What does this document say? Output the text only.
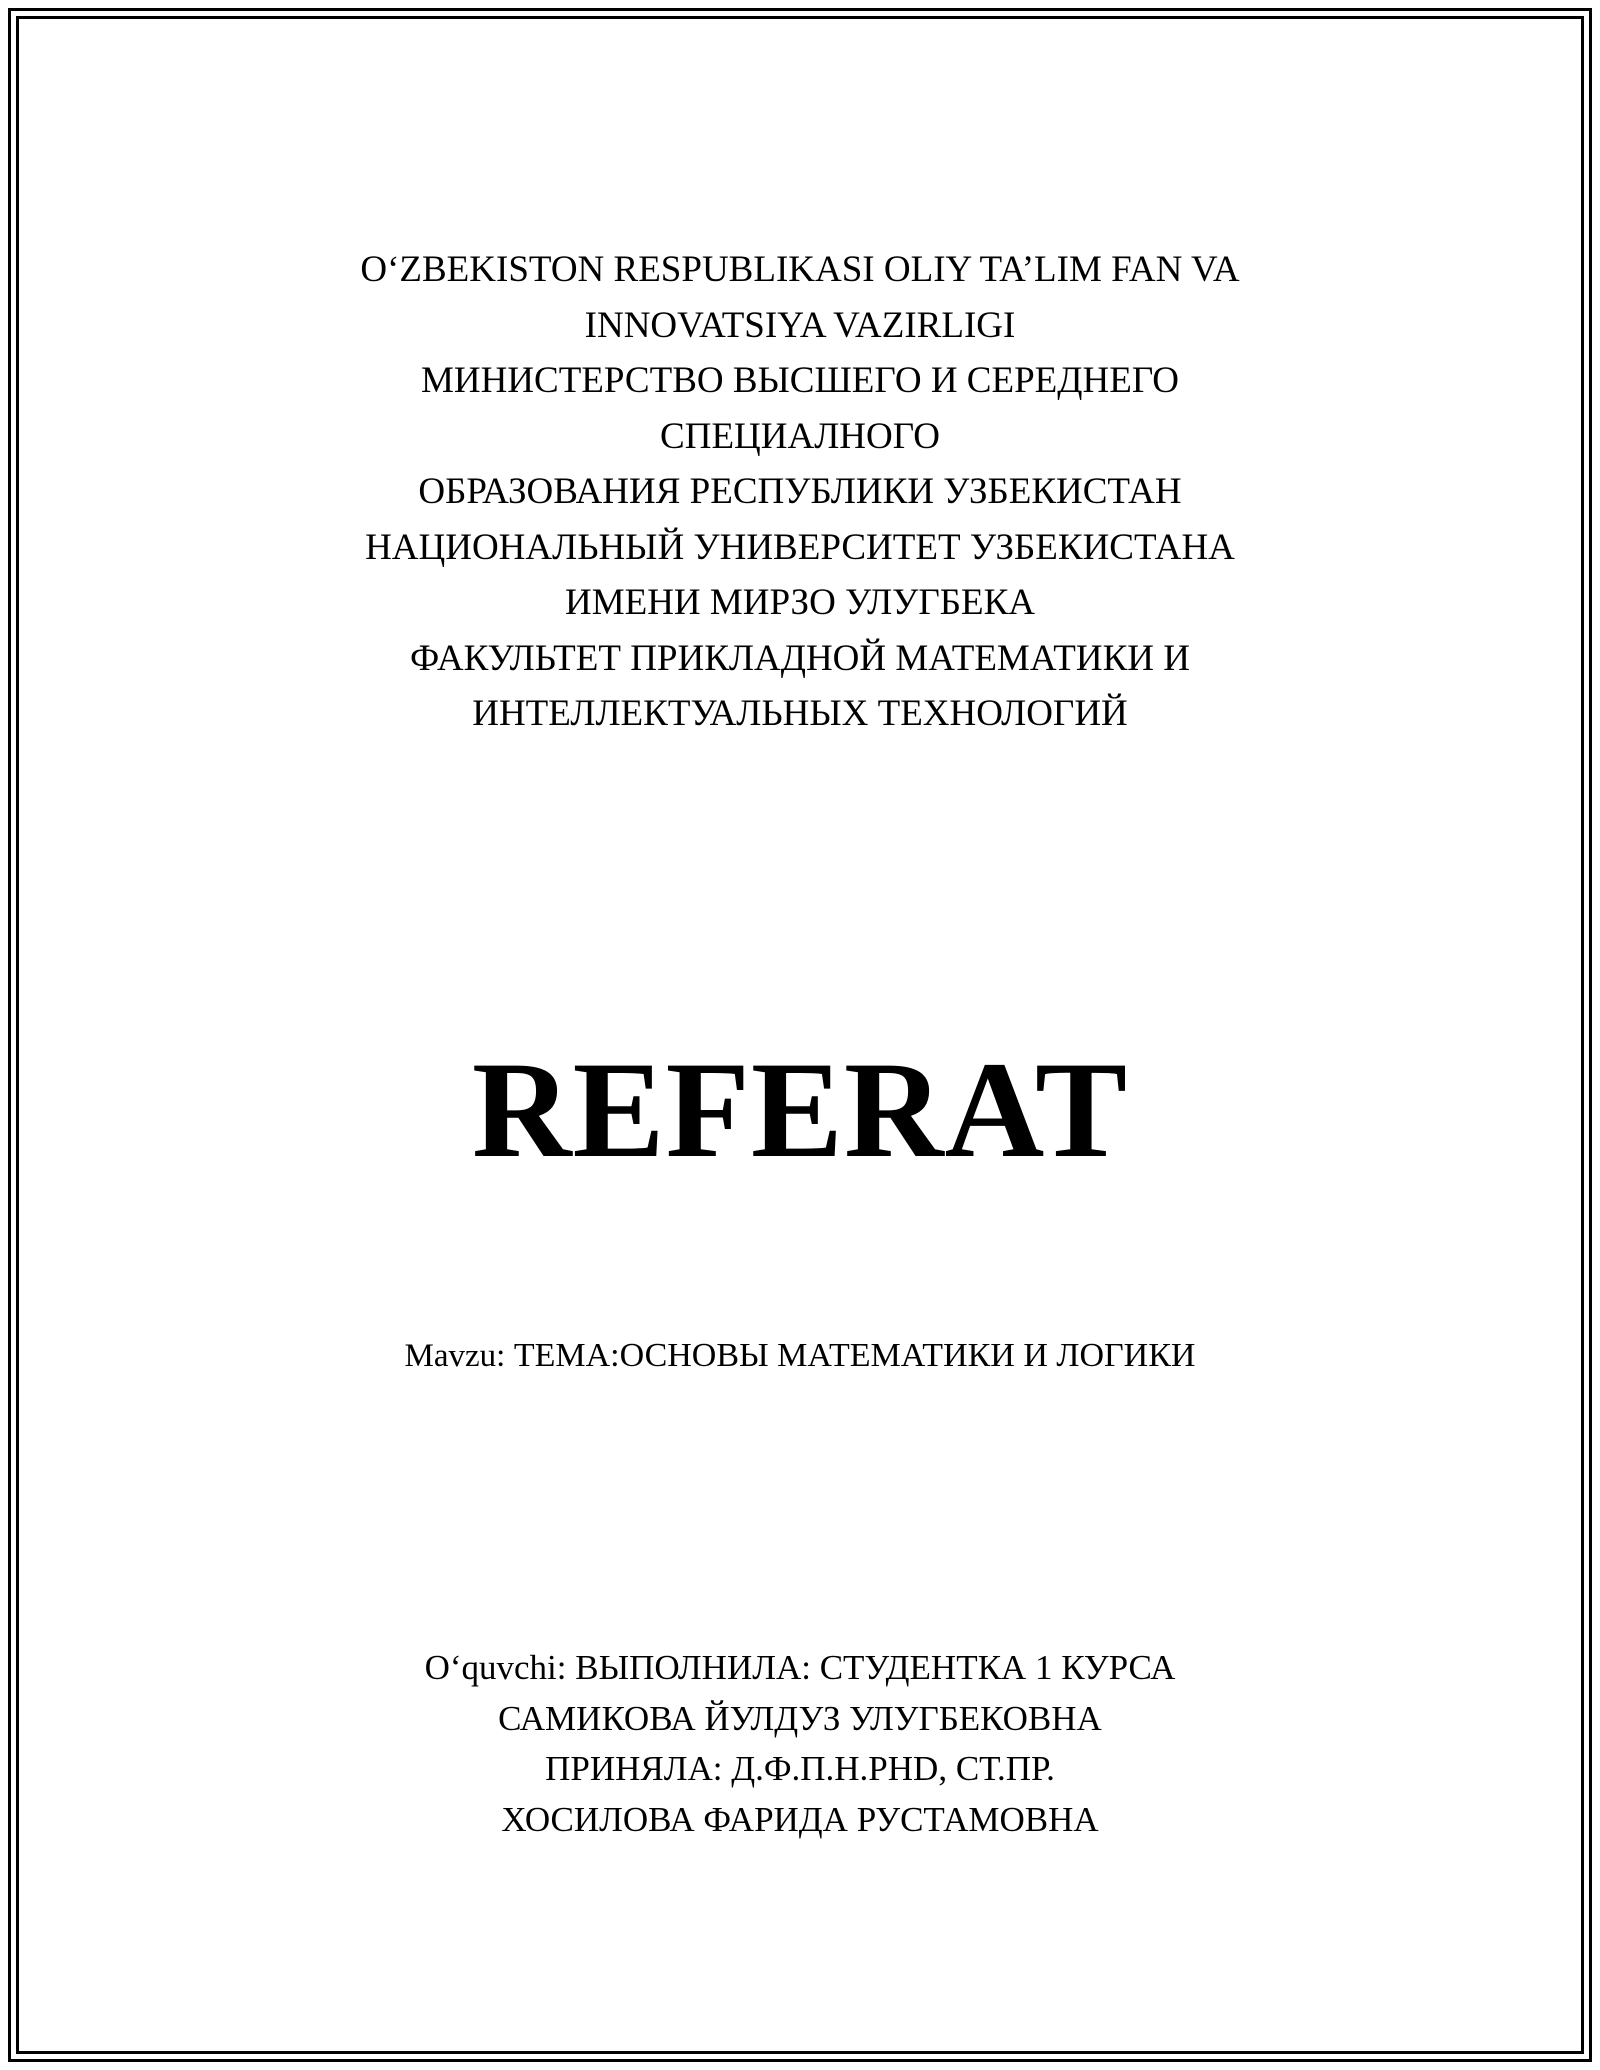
O‘ZBEKISTON RESPUBLIKASI OLIY TA’LIM FAN VA
INNOVATSIYA VAZIRLIGI
МИНИСТЕРСТВО ВЫСШЕГО И СЕРЕДНЕГО
СПЕЦИАЛНОГО
ОБРАЗОВАНИЯ РЕСПУБЛИКИ УЗБЕКИСТАН
НАЦИОНАЛЬНЫЙ УНИВЕРСИТЕТ УЗБЕКИСТАНА
ИМЕНИ МИРЗО УЛУГБЕКА
ФАКУЛЬТЕТ ПРИКЛАДНОЙ МАТЕМАТИКИ И
ИНТЕЛЛЕКТУАЛЬНЫХ ТЕХНОЛОГИЙ
REFERAT
Mavzu: ТЕМА:ОСНОВЫ МАТЕМАТИКИ И ЛОГИКИ
O‘quvchi: ВЫПОЛНИЛА: СТУДЕНТКА 1 КУРСА
САМИКОВА ЙУЛДУЗ УЛУГБЕКОВНА
ПРИНЯЛА: Д.Ф.П.Н.PHD, СТ.ПР.
ХОСИЛОВА ФАРИДА РУСТАМОВНА
